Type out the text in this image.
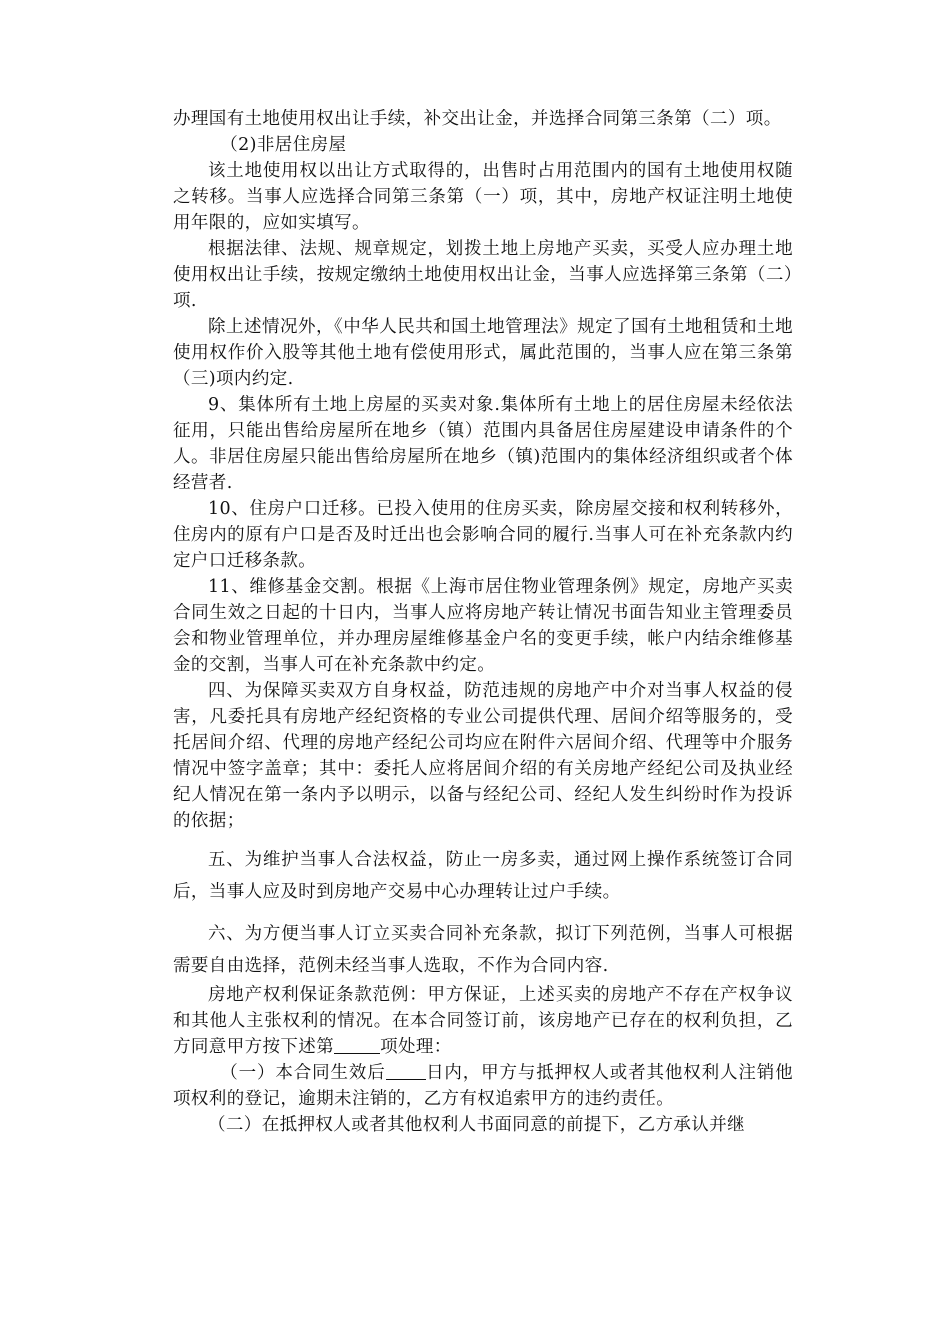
办理国有土地使用权出让手续，补交出让金，并选择合同第三条第（二）项。

（2)非居住房屋

该土地使用权以出让方式取得的，出售时占用范围内的国有土地使用权随之转移。当事人应选择合同第三条第（一）项，其中，房地产权证注明土地使用年限的，应如实填写。

根据法律、法规、规章规定，划拨土地上房地产买卖，买受人应办理土地使用权出让手续，按规定缴纳土地使用权出让金，当事人应选择第三条第（二）项.

除上述情况外，《中华人民共和国土地管理法》规定了国有土地租赁和土地使用权作价入股等其他土地有偿使用形式，属此范围的，当事人应在第三条第（三)项内约定.

9、集体所有土地上房屋的买卖对象.集体所有土地上的居住房屋未经依法征用，只能出售给房屋所在地乡（镇）范围内具备居住房屋建设申请条件的个人。非居住房屋只能出售给房屋所在地乡（镇)范围内的集体经济组织或者个体经营者.

10、住房户口迁移。已投入使用的住房买卖，除房屋交接和权利转移外，住房内的原有户口是否及时迁出也会影响合同的履行.当事人可在补充条款内约定户口迁移条款。

11、维修基金交割。根据《上海市居住物业管理条例》规定，房地产买卖合同生效之日起的十日内，当事人应将房地产转让情况书面告知业主管理委员会和物业管理单位，并办理房屋维修基金户名的变更手续，帐户内结余维修基金的交割，当事人可在补充条款中约定。

四、为保障买卖双方自身权益，防范违规的房地产中介对当事人权益的侵害，凡委托具有房地产经纪资格的专业公司提供代理、居间介绍等服务的，受托居间介绍、代理的房地产经纪公司均应在附件六居间介绍、代理等中介服务情况中签字盖章；其中：委托人应将居间介绍的有关房地产经纪公司及执业经纪人情况在第一条内予以明示，以备与经纪公司、经纪人发生纠纷时作为投诉的依据；

五、为维护当事人合法权益，防止一房多卖，通过网上操作系统签订合同后，当事人应及时到房地产交易中心办理转让过户手续。

六、为方便当事人订立买卖合同补充条款，拟订下列范例，当事人可根据需要自由选择，范例未经当事人选取，不作为合同内容.

房地产权利保证条款范例：甲方保证，上述买卖的房地产不存在产权争议和其他人主张权利的情况。在本合同签订前，该房地产已存在的权利负担，乙方同意甲方按下述第	项处理：

（一）本合同生效后 日内，甲方与抵押权人或者其他权利人注销他项权利的登记，逾期未注销的，乙方有权追索甲方的违约责任。

（二）在抵押权人或者其他权利人书面同意的前提下，乙方承认并继
